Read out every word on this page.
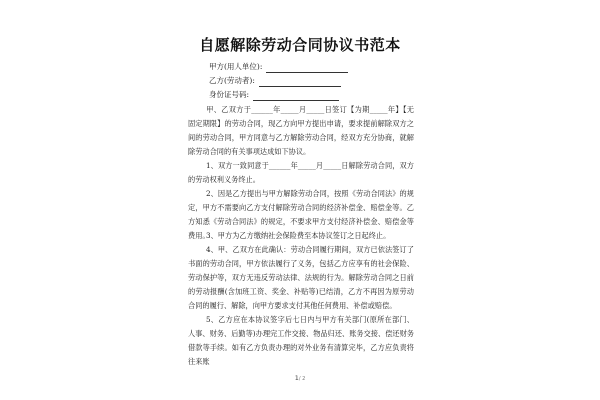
自愿解除劳动合同协议书范本
甲方(用人单位):
乙方(劳动者):
身份证号码:

甲、乙双方于______年_____月_____日签订【为期_____年】【无固定期限】的劳动合同，现乙方向甲方提出申请，要求提前解除双方之间的劳动合同，甲方同意与乙方解除劳动合同，经双方充分协商，就解除劳动合同的有关事项达成如下协议。

1、双方一致同意于______年_____月_____日解除劳动合同，双方的劳动权利义务终止。

2、因是乙方提出与甲方解除劳动合同，按照《劳动合同法》的规定，甲方不需要向乙方支付解除劳动合同的经济补偿金、赔偿金等。乙方知悉《劳动合同法》的规定，不要求甲方支付经济补偿金、赔偿金等费用。

3、甲方为乙方缴纳社会保险费至本协议签订之日起终止。

4、甲、乙双方在此确认：劳动合同履行期间，双方已依法签订了书面的劳动合同，甲方依法履行了义务，包括乙方应享有的社会保险、劳动保护等，双方无违反劳动法律、法规的行为。解除劳动合同之日前的劳动报酬(含加班工资、奖金、补贴等)已结清，乙方不再因为原劳动合同的履行、解除，向甲方要求支付其他任何费用、补偿或赔偿。

5、乙方应在本协议签字后七日内与甲方有关部门(原所在部门、人事、财务、后勤等)办理完工作交接、物品归还、账务交接、偿还财务借款等手续。如有乙方负责办理的对外业务有清算完毕，乙方应负责将往来账

1/ 2
